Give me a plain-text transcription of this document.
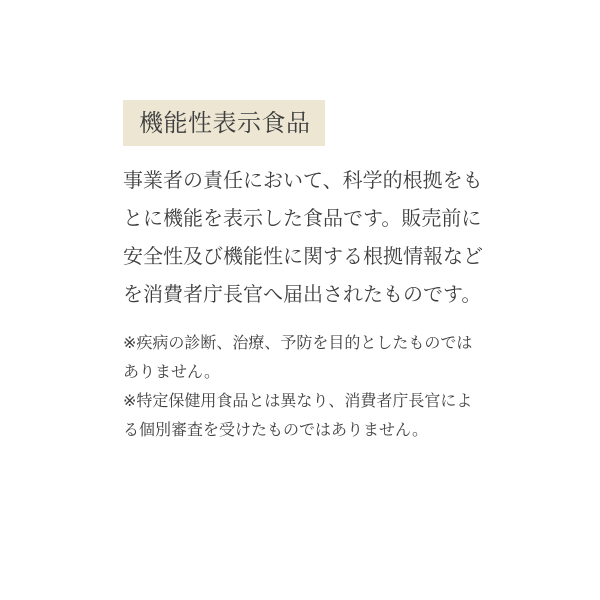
機能性表示食品

事業者の責任において、科学的根拠をも
とに機能を表示した食品です。販売前に
安全性及び機能性に関する根拠情報など
を消費者庁長官へ届出されたものです。

※疾病の診断、治療、予防を目的としたものでは
ありません。
※特定保健用食品とは異なり、消費者庁長官によ
る個別審査を受けたものではありません。
